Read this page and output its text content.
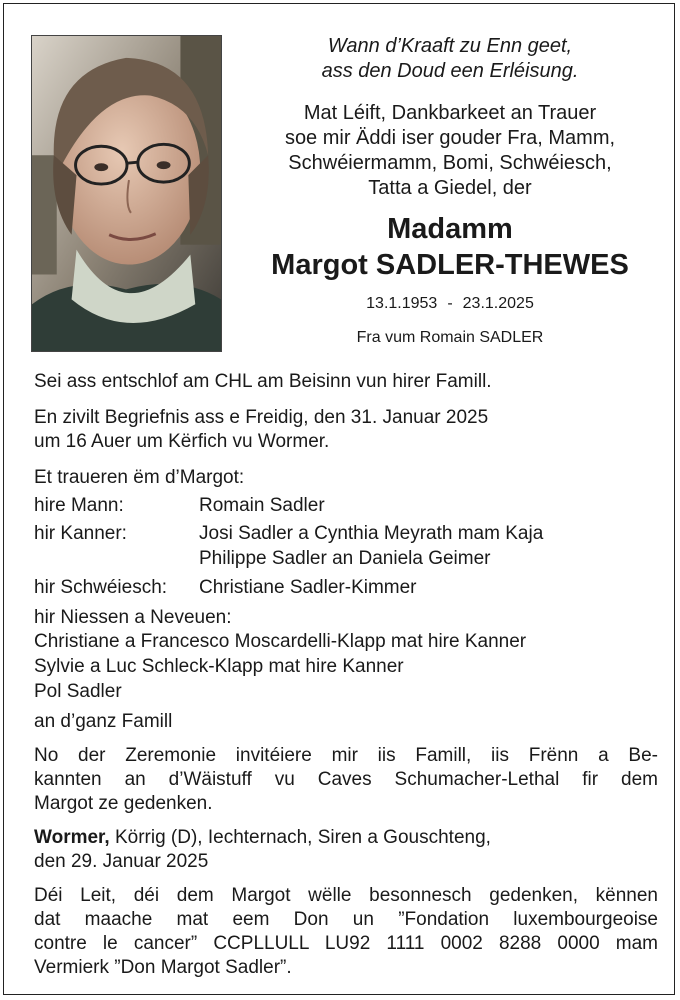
Wann d’Kraaft zu Enn geet,
ass den Doud een Erléisung.
Mat Léift, Dankbarkeet an Trauer
soe mir Äddi iser gouder Fra, Mamm,
Schwéiermamm, Bomi, Schwéiesch,
Tatta a Giedel, der
Madamm
Margot SADLER-THEWES
13.1.1953 - 23.1.2025
Fra vum Romain SADLER
Sei ass entschlof am CHL am Beisinn vun hirer Famill.
En zivilt Begriefnis ass e Freidig, den 31. Januar 2025
um 16 Auer um Kërfich vu Wormer.
Et traueren ëm d’Margot:
hire Mann:	Romain Sadler
hir Kanner:	Josi Sadler a Cynthia Meyrath mam Kaja
Philippe Sadler an Daniela Geimer
hir Schwéiesch: Christiane Sadler-Kimmer
hir Niessen a Neveuen:
Christiane a Francesco Moscardelli-Klapp mat hire Kanner
Sylvie a Luc Schleck-Klapp mat hire Kanner
Pol Sadler
an d’ganz Famill
No der Zeremonie invitéiere mir iis Famill, iis Frënn a Be-
kannten an d’Wäistuff vu Caves Schumacher-Lethal fir dem
Margot ze gedenken.
Wormer, Körrig (D), Iechternach, Siren a Gouschteng,
den 29. Januar 2025
Déi Leit, déi dem Margot wëlle besonnesch gedenken, kënnen
dat maache mat eem Don un ”Fondation luxembourgeoise
contre le cancer” CCPLLULL LU92 1111 0002 8288 0000 mam
Vermierk ”Don Margot Sadler”.
